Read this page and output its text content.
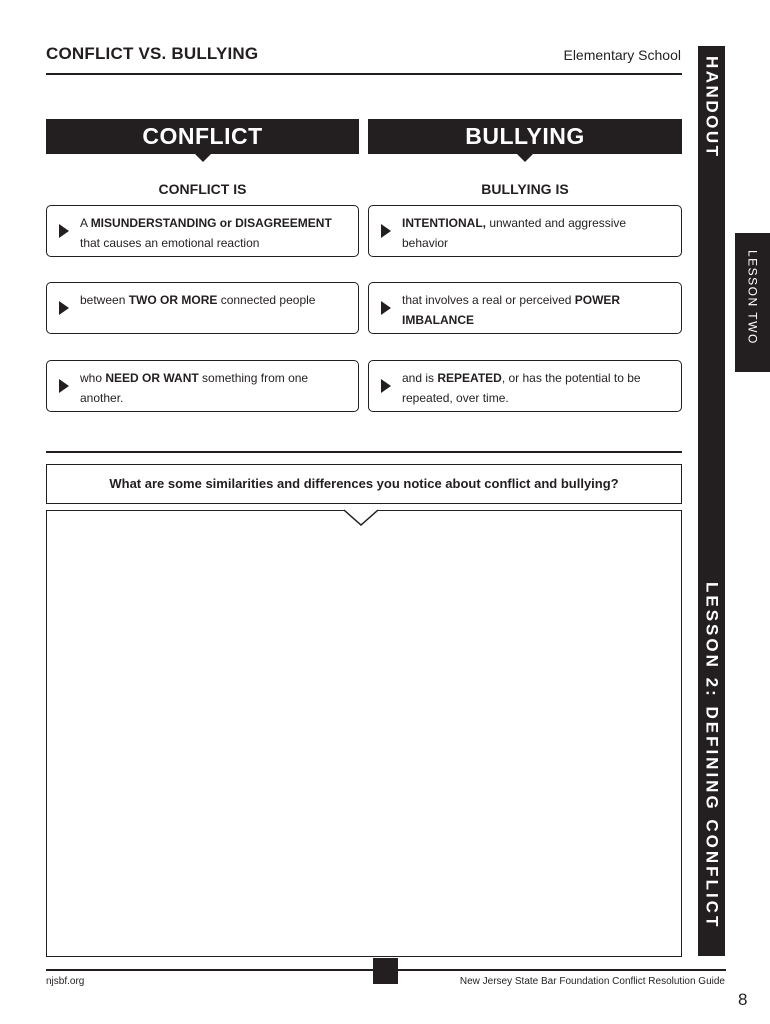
CONFLICT VS. BULLYING	Elementary School
HANDOUT
LESSON 2: DEFINING CONFLICT
LESSON TWO
CONFLICT	BULLYING
CONFLICT IS	BULLYING IS
A MISUNDERSTANDING or DISAGREEMENT that causes an emotional reaction
between TWO OR MORE connected people
who NEED OR WANT something from one another.
INTENTIONAL, unwanted and aggressive behavior
that involves a real or perceived POWER IMBALANCE
and is REPEATED, or has the potential to be repeated, over time.
What are some similarities and differences you notice about conflict and bullying?
njsbf.org	New Jersey State Bar Foundation Conflict Resolution Guide
8
